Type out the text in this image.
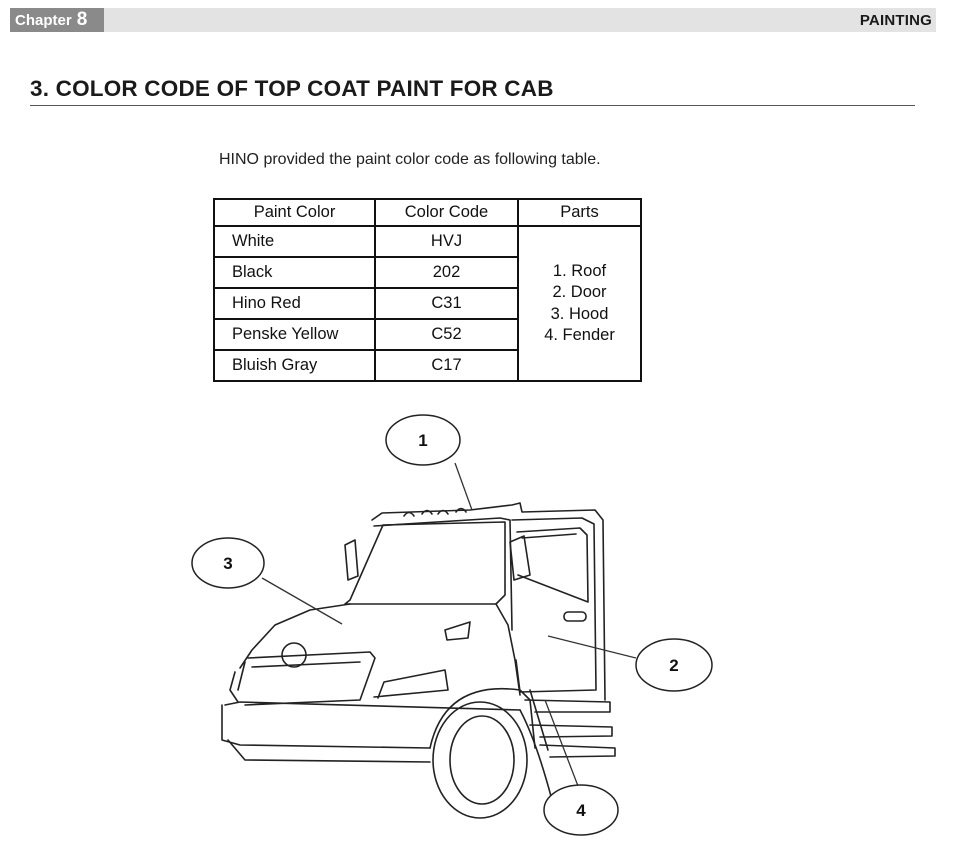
Chapter 8	PAINTING
3. COLOR CODE OF TOP COAT PAINT FOR CAB
HINO provided the paint color code as following table.
Paint Color	Color Code	Parts
White	HVJ	1. Roof
2. Door
3. Hood
4. Fender

Black	202	
Hino Red	C31	
Penske Yellow	C52	
Bluish Gray	C17	
1
3
2
4
